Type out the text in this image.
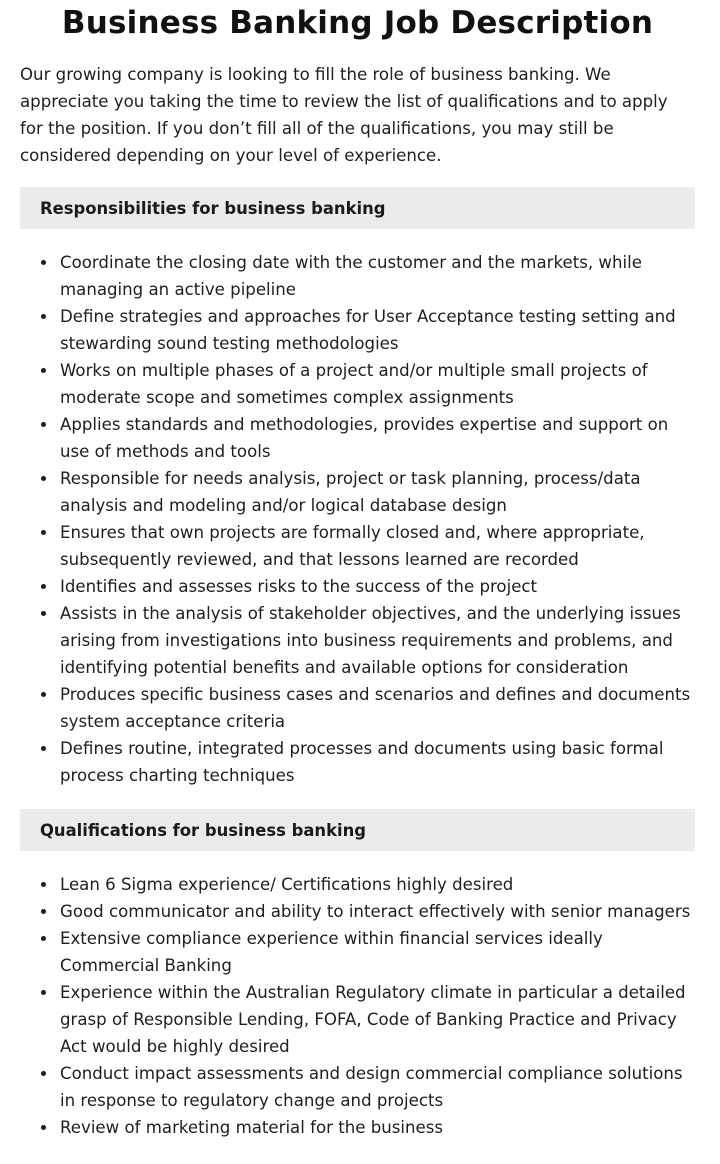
Business Banking Job Description

Our growing company is looking to fill the role of business banking. We appreciate you taking the time to review the list of qualifications and to apply for the position. If you don’t fill all of the qualifications, you may still be considered depending on your level of experience.

Responsibilities for business banking
Coordinate the closing date with the customer and the markets, while managing an active pipeline
Define strategies and approaches for User Acceptance testing setting and stewarding sound testing methodologies
Works on multiple phases of a project and/or multiple small projects of moderate scope and sometimes complex assignments
Applies standards and methodologies, provides expertise and support on use of methods and tools
Responsible for needs analysis, project or task planning, process/data analysis and modeling and/or logical database design
Ensures that own projects are formally closed and, where appropriate, subsequently reviewed, and that lessons learned are recorded
Identifies and assesses risks to the success of the project
Assists in the analysis of stakeholder objectives, and the underlying issues arising from investigations into business requirements and problems, and identifying potential benefits and available options for consideration
Produces specific business cases and scenarios and defines and documents system acceptance criteria
Defines routine, integrated processes and documents using basic formal process charting techniques
Qualifications for business banking
Lean 6 Sigma experience/ Certifications highly desired
Good communicator and ability to interact effectively with senior managers
Extensive compliance experience within financial services ideally Commercial Banking
Experience within the Australian Regulatory climate in particular a detailed grasp of Responsible Lending, FOFA, Code of Banking Practice and Privacy Act would be highly desired
Conduct impact assessments and design commercial compliance solutions in response to regulatory change and projects
Review of marketing material for the business
